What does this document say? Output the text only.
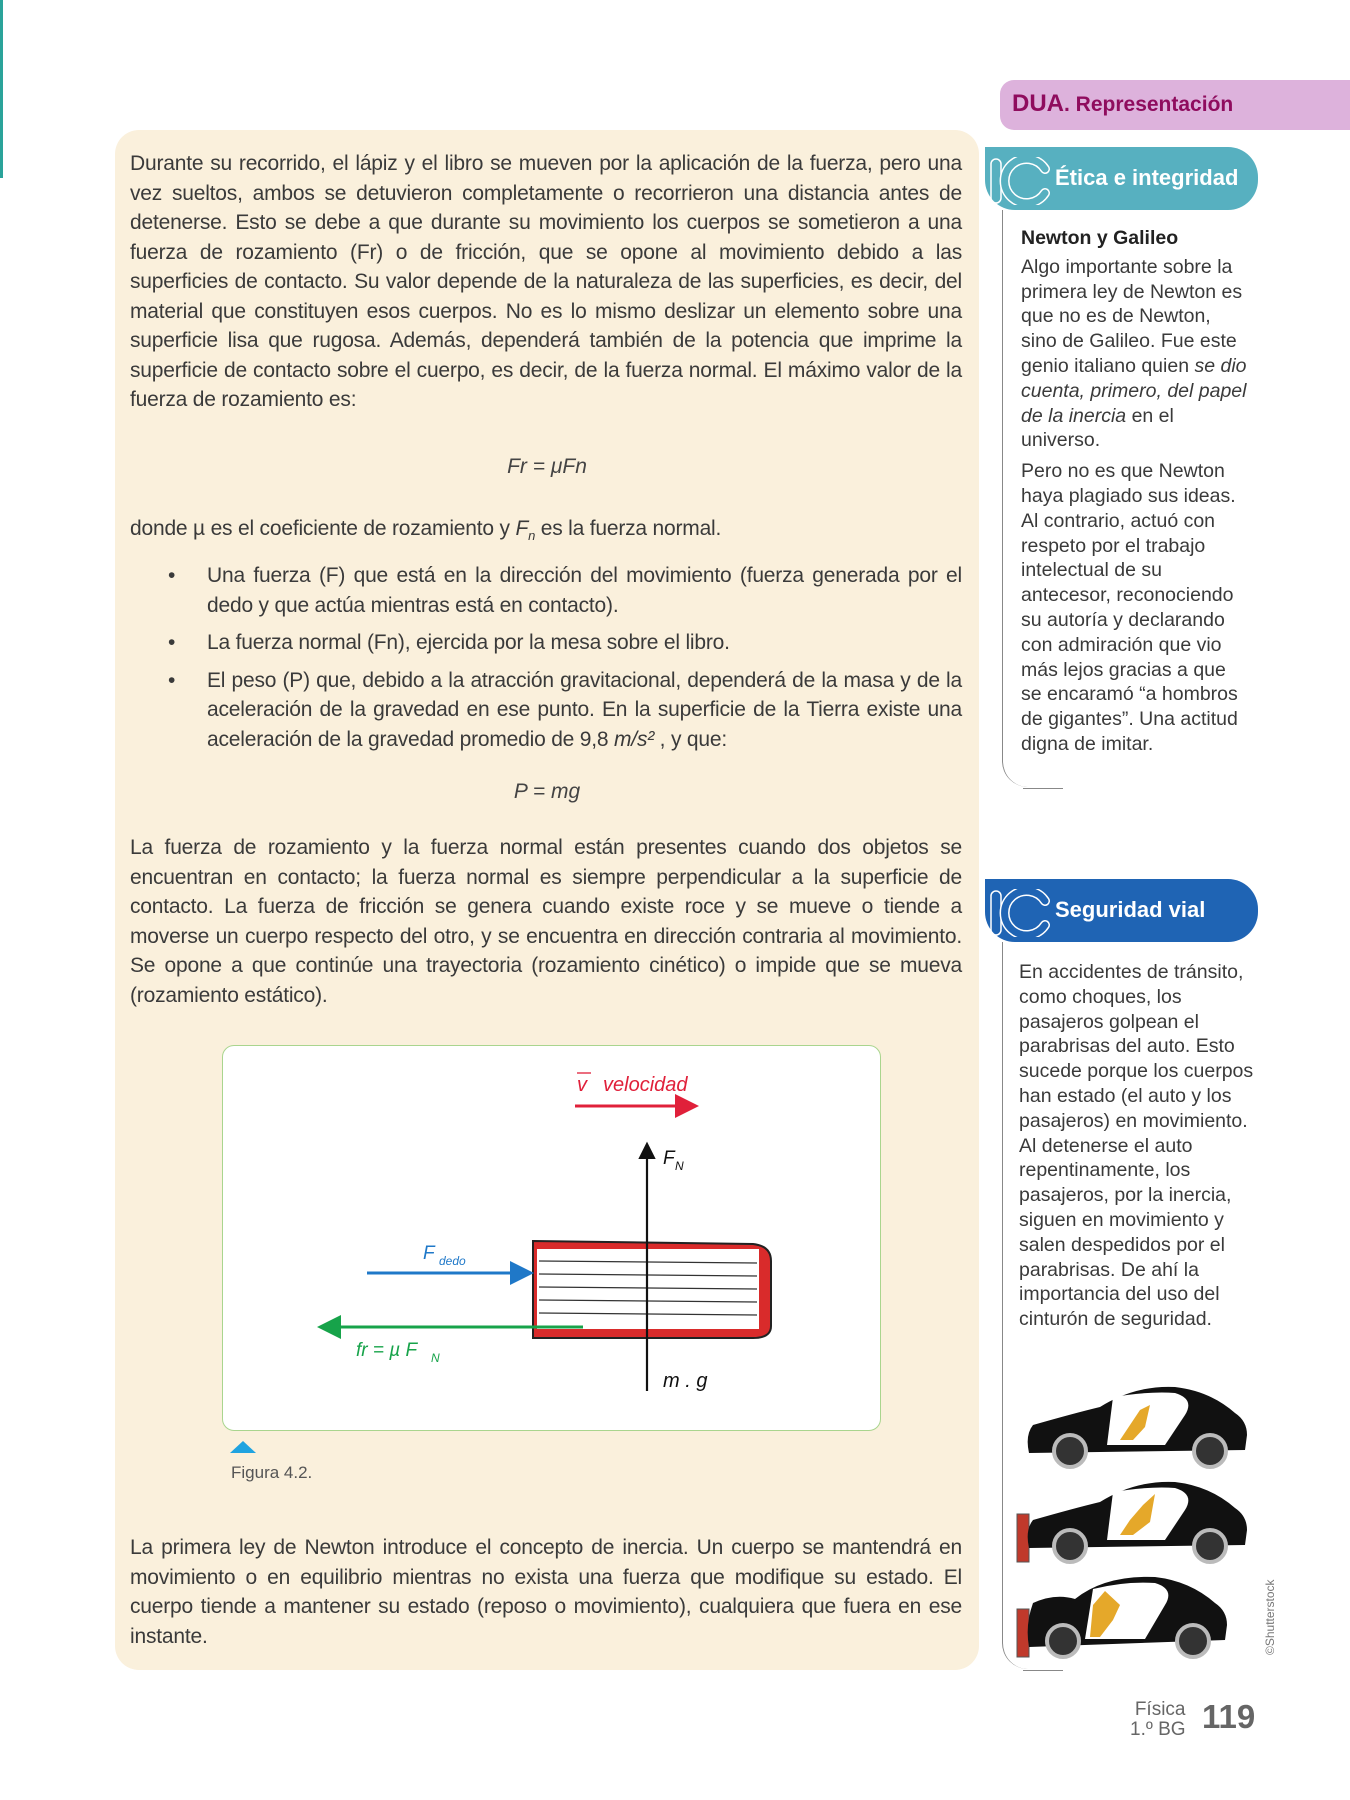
Durante su recorrido, el lápiz y el libro se mueven por la aplicación de la fuerza, pero una vez sueltos, ambos se detuvieron completamente o recorrieron una distancia antes de detenerse. Esto se debe a que durante su movimiento los cuerpos se sometieron a una fuerza de rozamiento (Fr) o de fricción, que se opone al movimiento debido a las superficies de contacto. Su valor depende de la naturaleza de las superficies, es decir, del material que constituyen esos cuerpos. No es lo mismo deslizar un elemento sobre una superficie lisa que rugosa. Además, dependerá también de la potencia que imprime la superficie de contacto sobre el cuerpo, es decir, de la fuerza normal. El máximo valor de la fuerza de rozamiento es:
Fr = μFn
donde µ es el coeficiente de rozamiento y $F_n$ es la fuerza normal.
• Una fuerza (F) que está en la dirección del movimiento (fuerza generada por el dedo y que actúa mientras está en contacto).
• La fuerza normal (Fn), ejercida por la mesa sobre el libro.
• El peso (P) que, debido a la atracción gravitacional, dependerá de la masa y de la aceleración de la gravedad en ese punto. En la superficie de la Tierra existe una aceleración de la gravedad promedio de 9,8 m/s² , y que:
P = mg
La fuerza de rozamiento y la fuerza normal están presentes cuando dos objetos se encuentran en contacto; la fuerza normal es siempre perpendicular a la superficie de contacto. La fuerza de fricción se genera cuando existe roce y se mueve o tiende a moverse un cuerpo respecto del otro, y se encuentra en dirección contraria al movimiento. Se opone a que continúe una trayectoria (rozamiento cinético) o impide que se mueva (rozamiento estático).
v velocidad
F N
F dedo
fr = µ F N
m . g
Figura 4.2.
La primera ley de Newton introduce el concepto de inercia. Un cuerpo se mantendrá en movimiento o en equilibrio mientras no exista una fuerza que modifique su estado. El cuerpo tiende a mantener su estado (reposo o movimiento), cualquiera que fuera en ese instante.
DUA. Representación
Ética e integridad

Newton y Galileo

Algo importante sobre la primera ley de Newton es que no es de Newton, sino de Galileo. Fue este genio italiano quien se dio cuenta, primero, del papel de la inercia en el universo.

Pero no es que Newton haya plagiado sus ideas. Al contrario, actuó con respeto por el trabajo intelectual de su antecesor, reconociendo su autoría y declarando con admiración que vio más lejos gracias a que se encaramó “a hombros de gigantes”. Una actitud digna de imitar.

Seguridad vial

En accidentes de tránsito, como choques, los pasajeros golpean el parabrisas del auto. Esto sucede porque los cuerpos han estado (el auto y los pasajeros) en movimiento. Al detenerse el auto repentinamente, los pasajeros, por la inercia, siguen en movimiento y salen despedidos por el parabrisas. De ahí la importancia del uso del cinturón de seguridad.

©Shutterstock
Física
1.º BG 119
